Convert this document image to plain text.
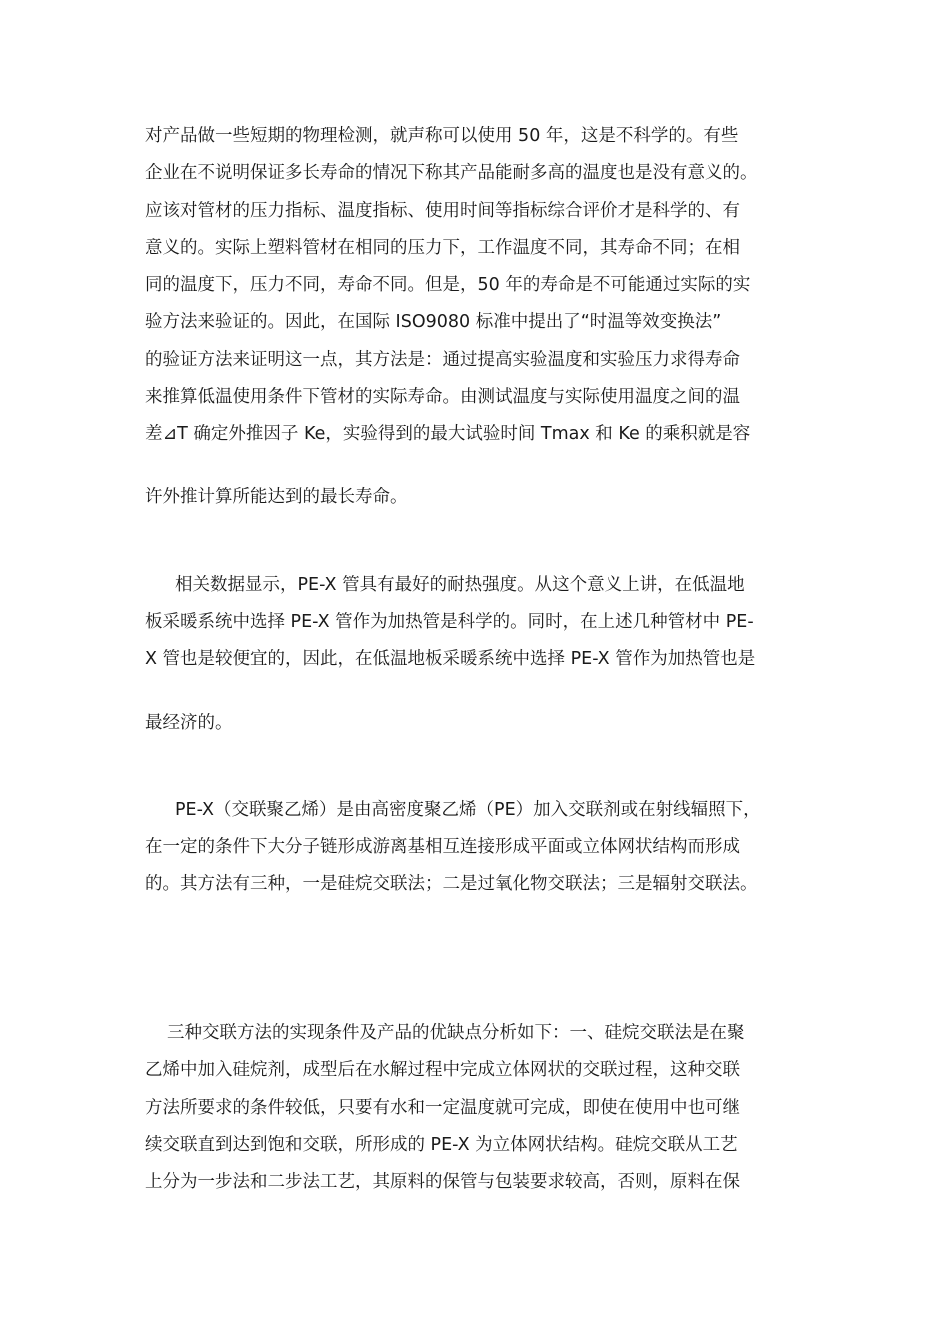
对产品做一些短期的物理检测，就声称可以使用 50 年，这是不科学的。有些
企业在不说明保证多长寿命的情况下称其产品能耐多高的温度也是没有意义的。
应该对管材的压力指标、温度指标、使用时间等指标综合评价才是科学的、有
意义的。实际上塑料管材在相同的压力下，工作温度不同，其寿命不同；在相
同的温度下，压力不同，寿命不同。但是，50 年的寿命是不可能通过实际的实
验方法来验证的。因此，在国际 ISO9080 标准中提出了“时温等效变换法”
的验证方法来证明这一点，其方法是：通过提高实验温度和实验压力求得寿命
来推算低温使用条件下管材的实际寿命。由测试温度与实际使用温度之间的温
差⊿T 确定外推因子 Ke，实验得到的最大试验时间 Tmax 和 Ke 的乘积就是容
许外推计算所能达到的最长寿命。
相关数据显示，PE-X 管具有最好的耐热强度。从这个意义上讲，在低温地
板采暖系统中选择 PE-X 管作为加热管是科学的。同时，在上述几种管材中 PE-
X 管也是较便宜的，因此，在低温地板采暖系统中选择 PE-X 管作为加热管也是
最经济的。
PE-X（交联聚乙烯）是由高密度聚乙烯（PE）加入交联剂或在射线辐照下，
在一定的条件下大分子链形成游离基相互连接形成平面或立体网状结构而形成
的。其方法有三种，一是硅烷交联法；二是过氧化物交联法；三是辐射交联法。
三种交联方法的实现条件及产品的优缺点分析如下：一、硅烷交联法是在聚
乙烯中加入硅烷剂，成型后在水解过程中完成立体网状的交联过程，这种交联
方法所要求的条件较低，只要有水和一定温度就可完成，即使在使用中也可继
续交联直到达到饱和交联，所形成的 PE-X 为立体网状结构。硅烷交联从工艺
上分为一步法和二步法工艺，其原料的保管与包装要求较高，否则，原料在保
